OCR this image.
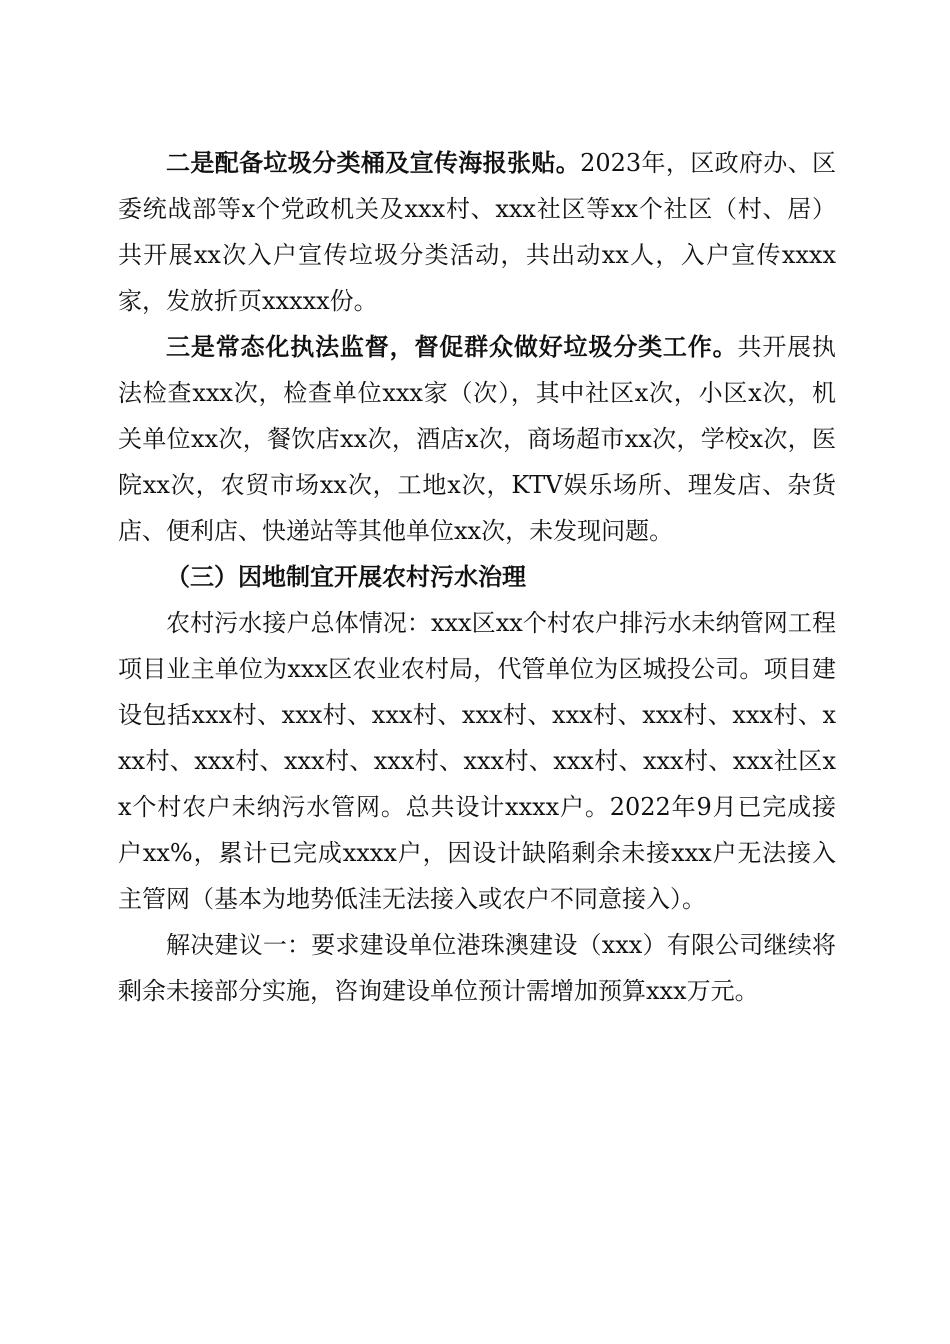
二是配备垃圾分类桶及宣传海报张贴。2023年，区政府办、区委统战部等x个党政机关及xxx村、xxx社区等xx个社区（村、居）共开展xx次入户宣传垃圾分类活动，共出动xx人，入户宣传xxxx家，发放折页xxxxx份。

三是常态化执法监督，督促群众做好垃圾分类工作。共开展执法检查xxx次，检查单位xxx家（次），其中社区x次，小区x次，机关单位xx次，餐饮店xx次，酒店x次，商场超市xx次，学校x次，医院xx次，农贸市场xx次，工地x次，KTV娱乐场所、理发店、杂货店、便利店、快递站等其他单位xx次，未发现问题。

（三）因地制宜开展农村污水治理

农村污水接户总体情况：xxx区xx个村农户排污水未纳管网工程项目业主单位为xxx区农业农村局，代管单位为区城投公司。项目建设包括xxx村、xxx村、xxx村、xxx村、xxx村、xxx村、xxx村、xxx村、xxx村、xxx村、xxx村、xxx村、xxx村、xxx村、xxx社区xx个村农户未纳污水管网。总共设计xxxx户。2022年9月已完成接户xx%，累计已完成xxxx户，因设计缺陷剩余未接xxx户无法接入主管网（基本为地势低洼无法接入或农户不同意接入）。

解决建议一：要求建设单位港珠澳建设（xxx）有限公司继续将剩余未接部分实施，咨询建设单位预计需增加预算xxx万元。
